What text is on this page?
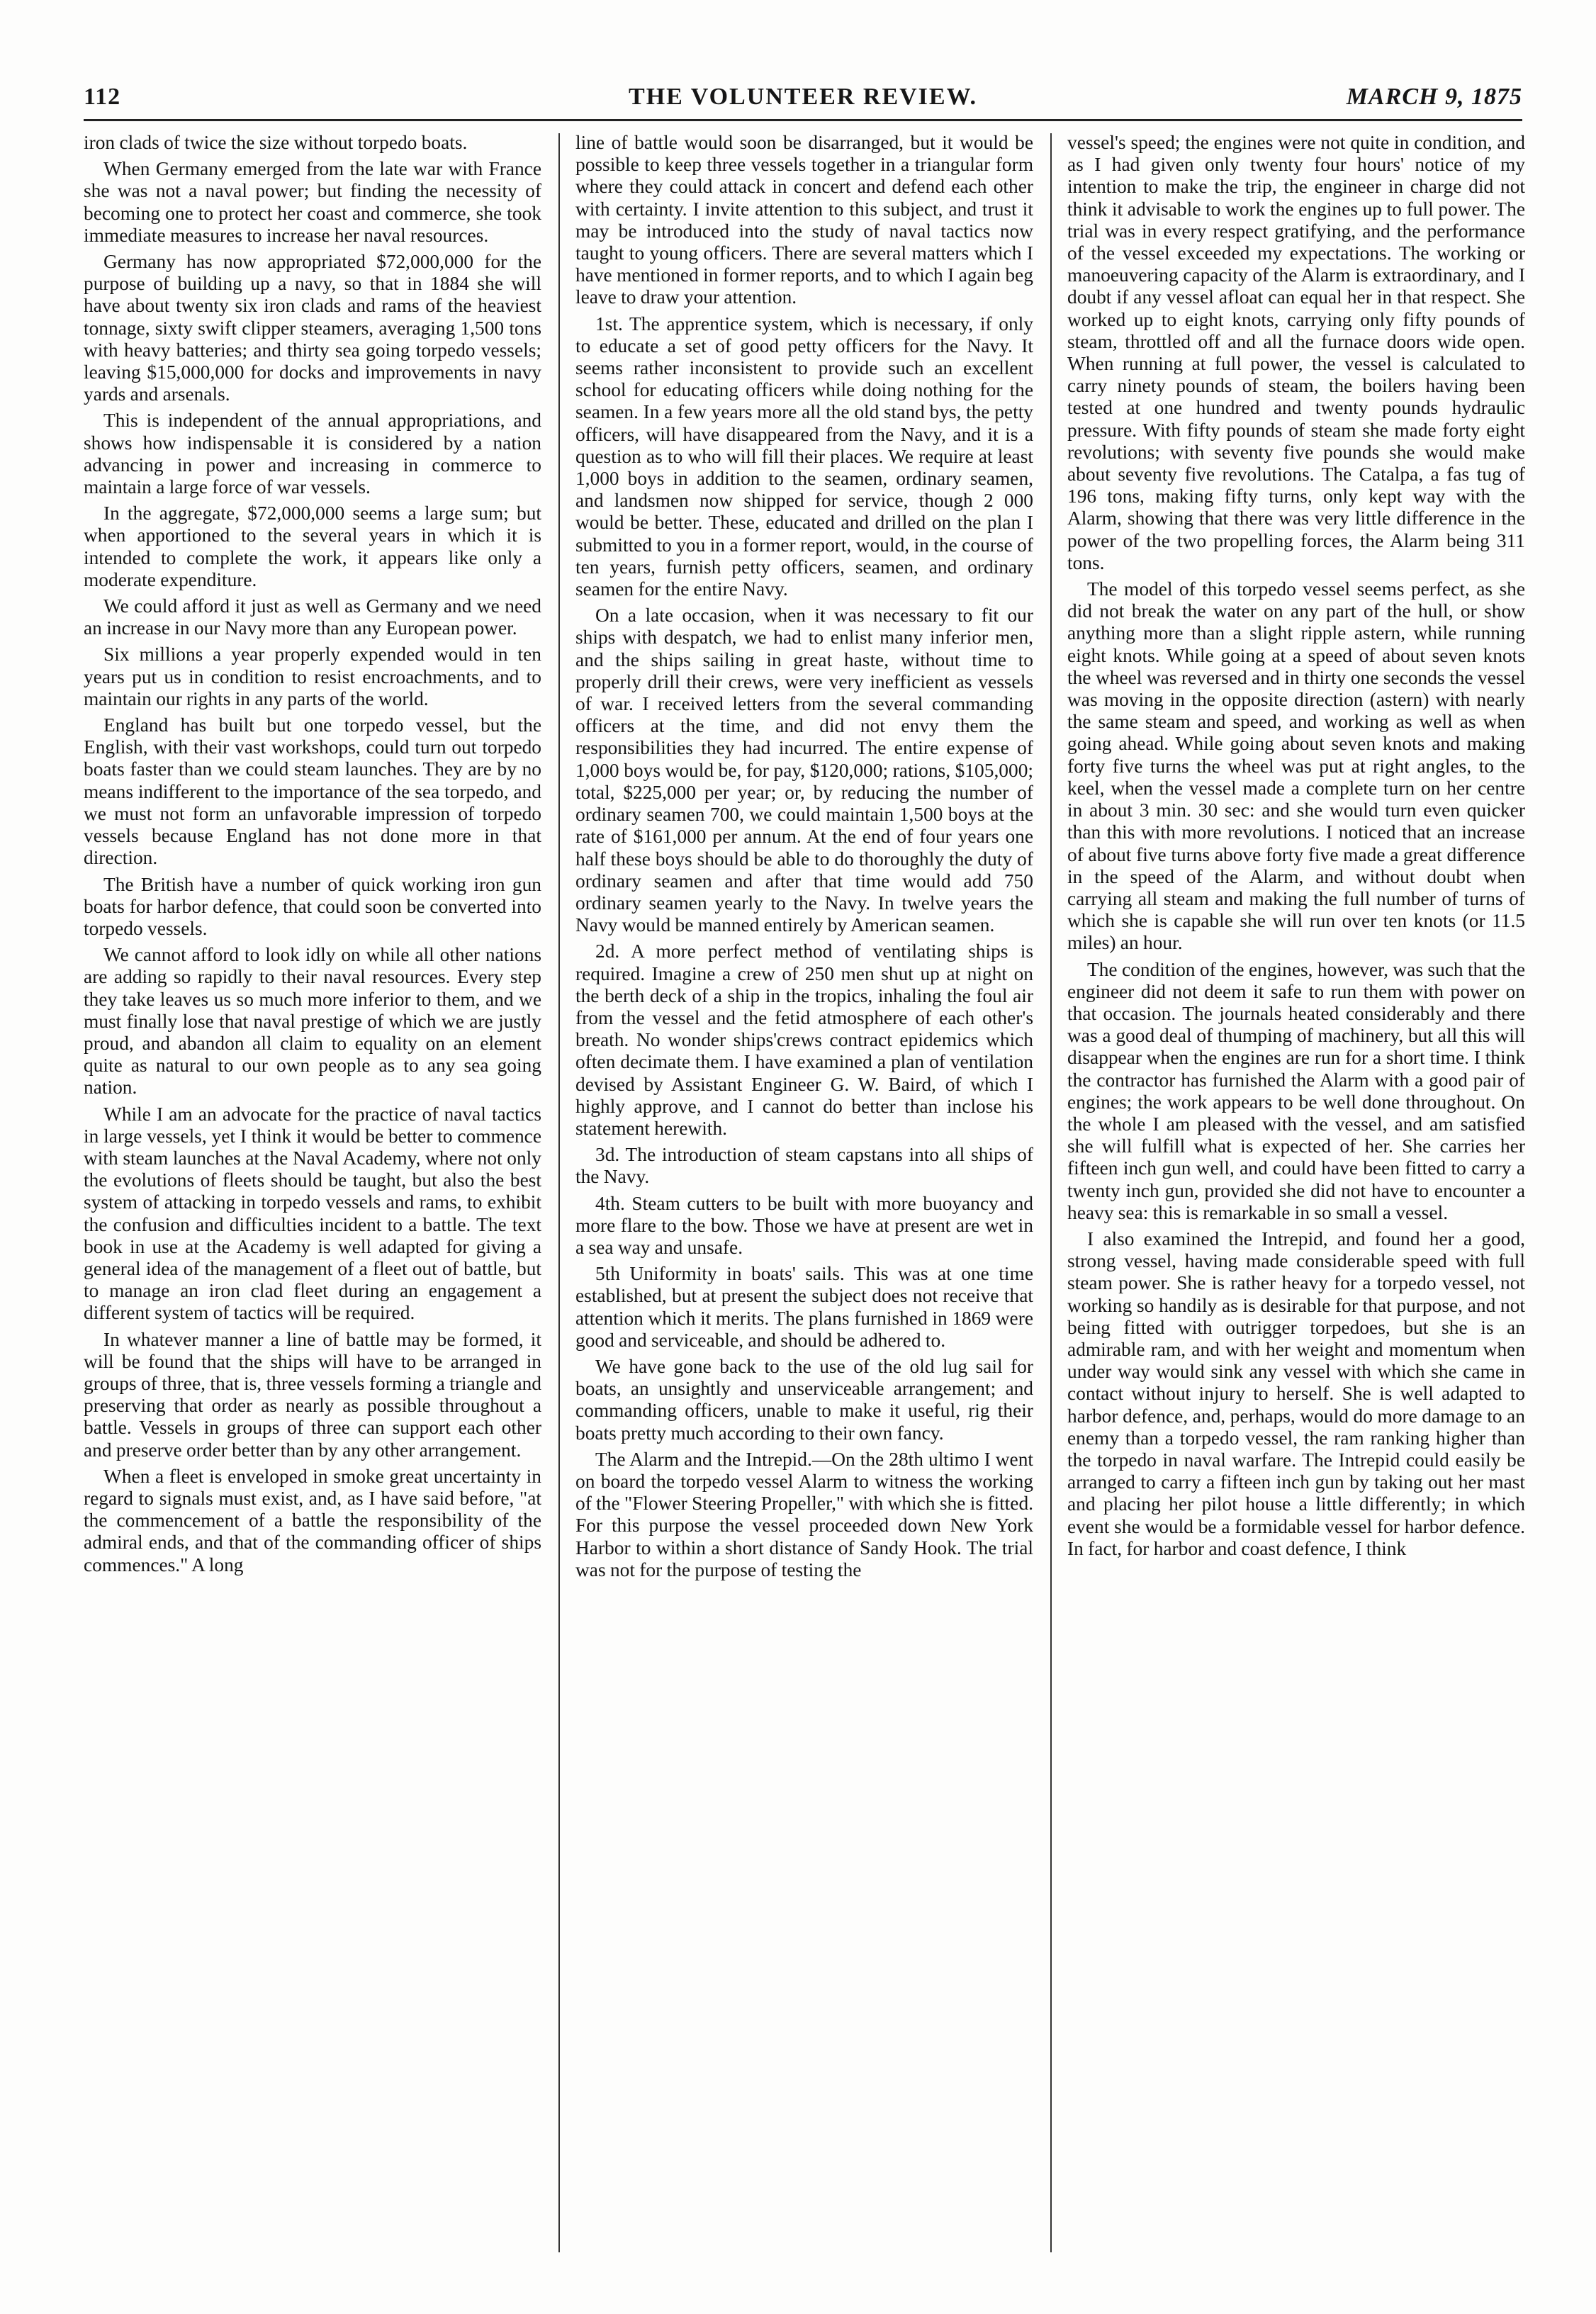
112	THE VOLUNTEER REVIEW.	MARCH 9, 1875

iron clads of twice the size without torpedo boats.

When Germany emerged from the late war with France she was not a naval power; but finding the necessity of becoming one to protect her coast and commerce, she took immediate measures to increase her naval resources.

Germany has now appropriated $72,000,000 for the purpose of building up a navy, so that in 1884 she will have about twenty six iron clads and rams of the heaviest tonnage, sixty swift clipper steamers, averaging 1,500 tons with heavy batteries; and thirty sea going torpedo vessels; leaving $15,000,000 for docks and improvements in navy yards and arsenals.

This is independent of the annual appropriations, and shows how indispensable it is considered by a nation advancing in power and increasing in commerce to maintain a large force of war vessels.

In the aggregate, $72,000,000 seems a large sum; but when apportioned to the several years in which it is intended to complete the work, it appears like only a moderate expenditure.

We could afford it just as well as Germany and we need an increase in our Navy more than any European power.

Six millions a year properly expended would in ten years put us in condition to resist encroachments, and to maintain our rights in any parts of the world.

England has built but one torpedo vessel, but the English, with their vast workshops, could turn out torpedo boats faster than we could steam launches. They are by no means indifferent to the importance of the sea torpedo, and we must not form an unfavorable impression of torpedo vessels because England has not done more in that direction.

The British have a number of quick working iron gun boats for harbor defence, that could soon be converted into torpedo vessels.

We cannot afford to look idly on while all other nations are adding so rapidly to their naval resources. Every step they take leaves us so much more inferior to them, and we must finally lose that naval prestige of which we are justly proud, and abandon all claim to equality on an element quite as natural to our own people as to any sea going nation.

While I am an advocate for the practice of naval tactics in large vessels, yet I think it would be better to commence with steam launches at the Naval Academy, where not only the evolutions of fleets should be taught, but also the best system of attacking in torpedo vessels and rams, to exhibit the confusion and difficulties incident to a battle. The text book in use at the Academy is well adapted for giving a general idea of the management of a fleet out of battle, but to manage an iron clad fleet during an engagement a different system of tactics will be required.

In whatever manner a line of battle may be formed, it will be found that the ships will have to be arranged in groups of three, that is, three vessels forming a triangle and preserving that order as nearly as possible throughout a battle. Vessels in groups of three can support each other and preserve order better than by any other arrangement.

When a fleet is enveloped in smoke great uncertainty in regard to signals must exist, and, as I have said before, "at the commencement of a battle the responsibility of the admiral ends, and that of the commanding officer of ships commences." A long

line of battle would soon be disarranged, but it would be possible to keep three vessels together in a triangular form where they could attack in concert and defend each other with certainty. I invite attention to this subject, and trust it may be introduced into the study of naval tactics now taught to young officers. There are several matters which I have mentioned in former reports, and to which I again beg leave to draw your attention.

1st. The apprentice system, which is necessary, if only to educate a set of good petty officers for the Navy. It seems rather inconsistent to provide such an excellent school for educating officers while doing nothing for the seamen. In a few years more all the old stand bys, the petty officers, will have disappeared from the Navy, and it is a question as to who will fill their places. We require at least 1,000 boys in addition to the seamen, ordinary seamen, and landsmen now shipped for service, though 2 000 would be better. These, educated and drilled on the plan I submitted to you in a former report, would, in the course of ten years, furnish petty officers, seamen, and ordinary seamen for the entire Navy.

On a late occasion, when it was necessary to fit our ships with despatch, we had to enlist many inferior men, and the ships sailing in great haste, without time to properly drill their crews, were very inefficient as vessels of war. I received letters from the several commanding officers at the time, and did not envy them the responsibilities they had incurred. The entire expense of 1,000 boys would be, for pay, $120,000; rations, $105,000; total, $225,000 per year; or, by reducing the number of ordinary seamen 700, we could maintain 1,500 boys at the rate of $161,000 per annum. At the end of four years one half these boys should be able to do thoroughly the duty of ordinary seamen and after that time would add 750 ordinary seamen yearly to the Navy. In twelve years the Navy would be manned entirely by American seamen.

2d. A more perfect method of ventilating ships is required. Imagine a crew of 250 men shut up at night on the berth deck of a ship in the tropics, inhaling the foul air from the vessel and the fetid atmosphere of each other's breath. No wonder ships'crews contract epidemics which often decimate them. I have examined a plan of ventilation devised by Assistant Engineer G. W. Baird, of which I highly approve, and I cannot do better than inclose his statement herewith.

3d. The introduction of steam capstans into all ships of the Navy.

4th. Steam cutters to be built with more buoyancy and more flare to the bow. Those we have at present are wet in a sea way and unsafe.

5th Uniformity in boats' sails. This was at one time established, but at present the subject does not receive that attention which it merits. The plans furnished in 1869 were good and serviceable, and should be adhered to.

We have gone back to the use of the old lug sail for boats, an unsightly and unserviceable arrangement; and commanding officers, unable to make it useful, rig their boats pretty much according to their own fancy.

The Alarm and the Intrepid.—On the 28th ultimo I went on board the torpedo vessel Alarm to witness the working of the "Flower Steering Propeller," with which she is fitted. For this purpose the vessel proceeded down New York Harbor to within a short distance of Sandy Hook. The trial was not for the purpose of testing the

vessel's speed; the engines were not quite in condition, and as I had given only twenty four hours' notice of my intention to make the trip, the engineer in charge did not think it advisable to work the engines up to full power. The trial was in every respect gratifying, and the performance of the vessel exceeded my expectations. The working or manoeuvering capacity of the Alarm is extraordinary, and I doubt if any vessel afloat can equal her in that respect. She worked up to eight knots, carrying only fifty pounds of steam, throttled off and all the furnace doors wide open. When running at full power, the vessel is calculated to carry ninety pounds of steam, the boilers having been tested at one hundred and twenty pounds hydraulic pressure. With fifty pounds of steam she made forty eight revolutions; with seventy five pounds she would make about seventy five revolutions. The Catalpa, a fas tug of 196 tons, making fifty turns, only kept way with the Alarm, showing that there was very little difference in the power of the two propelling forces, the Alarm being 311 tons.

The model of this torpedo vessel seems perfect, as she did not break the water on any part of the hull, or show anything more than a slight ripple astern, while running eight knots. While going at a speed of about seven knots the wheel was reversed and in thirty one seconds the vessel was moving in the opposite direction (astern) with nearly the same steam and speed, and working as well as when going ahead. While going about seven knots and making forty five turns the wheel was put at right angles, to the keel, when the vessel made a complete turn on her centre in about 3 min. 30 sec: and she would turn even quicker than this with more revolutions. I noticed that an increase of about five turns above forty five made a great difference in the speed of the Alarm, and without doubt when carrying all steam and making the full number of turns of which she is capable she will run over ten knots (or 11.5 miles) an hour.

The condition of the engines, however, was such that the engineer did not deem it safe to run them with power on that occasion. The journals heated considerably and there was a good deal of thumping of machinery, but all this will disappear when the engines are run for a short time. I think the contractor has furnished the Alarm with a good pair of engines; the work appears to be well done throughout. On the whole I am pleased with the vessel, and am satisfied she will fulfill what is expected of her. She carries her fifteen inch gun well, and could have been fitted to carry a twenty inch gun, provided she did not have to encounter a heavy sea: this is remarkable in so small a vessel.

I also examined the Intrepid, and found her a good, strong vessel, having made considerable speed with full steam power. She is rather heavy for a torpedo vessel, not working so handily as is desirable for that purpose, and not being fitted with outrigger torpedoes, but she is an admirable ram, and with her weight and momentum when under way would sink any vessel with which she came in contact without injury to herself. She is well adapted to harbor defence, and, perhaps, would do more damage to an enemy than a torpedo vessel, the ram ranking higher than the torpedo in naval warfare. The Intrepid could easily be arranged to carry a fifteen inch gun by taking out her mast and placing her pilot house a little differently; in which event she would be a formidable vessel for harbor defence. In fact, for harbor and coast defence, I think
